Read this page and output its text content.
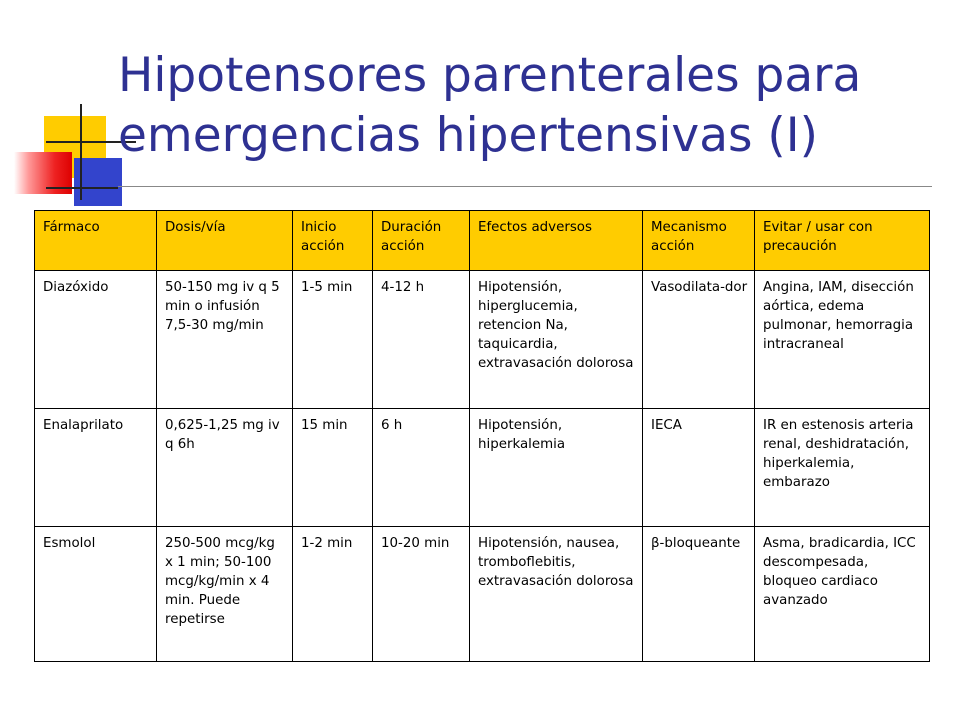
Hipotensores parenterales para
emergencias hipertensivas (I)
Fármaco	Dosis/vía	Inicio acción	Duración acción	Efectos adversos	Mecanismo acción	Evitar / usar con precaución
Diazóxido	50-150 mg iv q 5 min o infusión 7,5-30 mg/min	1-5 min	4-12 h	Hipotensión, hiperglucemia, retencion Na, taquicardia, extravasación dolorosa	Vasodilata-dor	Angina, IAM, disección aórtica, edema pulmonar, hemorragia intracraneal
Enalaprilato	0,625-1,25 mg iv q 6h	15 min	6 h	Hipotensión, hiperkalemia	IECA	IR en estenosis arteria renal, deshidratación, hiperkalemia, embarazo
Esmolol	250-500 mcg/kg x 1 min; 50-100 mcg/kg/min x 4 min. Puede repetirse	1-2 min	10-20 min	Hipotensión, nausea, tromboflebitis, extravasación dolorosa	β-bloqueante	Asma, bradicardia, ICC descompesada, bloqueo cardiaco avanzado
